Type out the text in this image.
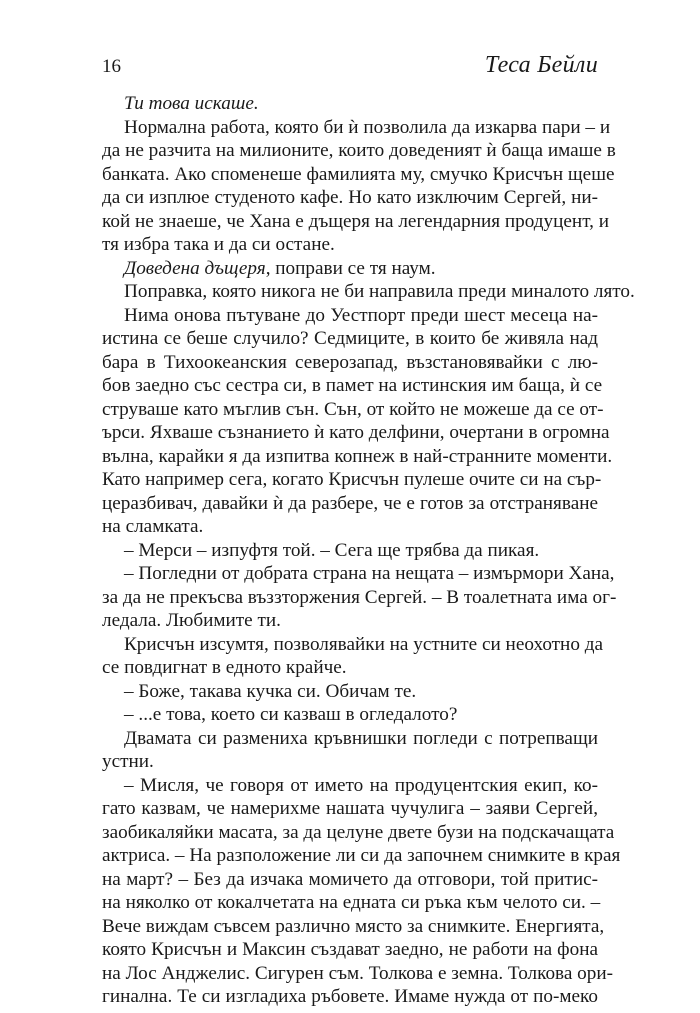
16	Теса Бейли
Ти това искаше.
Нормална работа, която би ѝ позволила да изкарва пари – и
да не разчита на милионите, които доведеният ѝ баща имаше в
банката. Ако споменеше фамилията му, смучко Крисчън щеше
да си изплюе студеното кафе. Но като изключим Сергей, ни-
кой не знаеше, че Хана е дъщеря на легендарния продуцент, и
тя избра така и да си остане.
Доведена дъщеря, поправи се тя наум.
Поправка, която никога не би направила преди миналото лято.
Нима онова пътуване до Уестпорт преди шест месеца на-
истина се беше случило? Седмиците, в които бе живяла над
бара в Тихоокеанския северозапад, възстановявайки с лю-
бов заедно със сестра си, в памет на истинския им баща, ѝ се
струваше като мъглив сън. Сън, от който не можеше да се от-
ърси. Яхваше съзнанието ѝ като делфини, очертани в огромна
вълна, карайки я да изпитва копнеж в най-странните моменти.
Като например сега, когато Крисчън пулеше очите си на сър-
церазбивач, давайки ѝ да разбере, че е готов за отстраняване
на сламката.
– Мерси – изпуфтя той. – Сега ще трябва да пикая.
– Погледни от добрата страна на нещата – измърмори Хана,
за да не прекъсва въззторжения Сергей. – В тоалетната има ог-
ледала. Любимите ти.
Крисчън изсумтя, позволявайки на устните си неохотно да
се повдигнат в едното крайче.
– Боже, такава кучка си. Обичам те.
– ...е това, което си казваш в огледалото?
Двамата си размениха кръвнишки погледи с потрепващи
устни.
– Мисля, че говоря от името на продуцентския екип, ко-
гато казвам, че намерихме нашата чучулига – заяви Сергей,
заобикаляйки масата, за да целуне двете бузи на подскачащата
актриса. – На разположение ли си да започнем снимките в края
на март? – Без да изчака момичето да отговори, той притис-
на няколко от кокалчетата на едната си ръка към челото си. –
Вече виждам съвсем различно място за снимките. Енергията,
която Крисчън и Максин създават заедно, не работи на фона
на Лос Анджелис. Сигурен съм. Толкова е земна. Толкова ори-
гинална. Те си изгладиха ръбовете. Имаме нужда от по-меко
